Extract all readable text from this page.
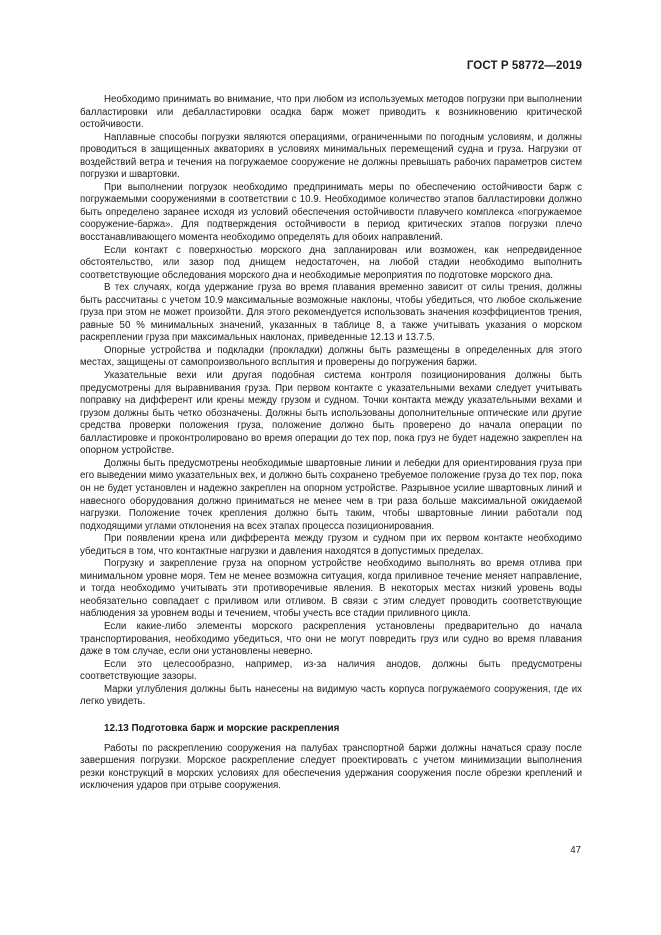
ГОСТ Р 58772—2019

Необходимо принимать во внимание, что при любом из используемых методов погрузки при выполнении балластировки или дебалластировки осадка барж может приводить к возникновению критической остойчивости.

Наплавные способы погрузки являются операциями, ограниченными по погодным условиям, и должны проводиться в защищенных акваториях в условиях минимальных перемещений судна и груза. Нагрузки от воздействий ветра и течения на погружаемое сооружение не должны превышать рабочих параметров систем погрузки и швартовки.

При выполнении погрузок необходимо предпринимать меры по обеспечению остойчивости барж с погружаемыми сооружениями в соответствии с 10.9. Необходимое количество этапов балластировки должно быть определено заранее исходя из условий обеспечения остойчивости плавучего комплекса «погружаемое сооружение-баржа». Для подтверждения остойчивости в период критических этапов погрузки плечо восстанавливающего момента необходимо определять для обоих направлений.

Если контакт с поверхностью морского дна запланирован или возможен, как непредвиденное обстоятельство, или зазор под днищем недостаточен, на любой стадии необходимо выполнить соответствующие обследования морского дна и необходимые мероприятия по подготовке морского дна.

В тех случаях, когда удержание груза во время плавания временно зависит от силы трения, должны быть рассчитаны с учетом 10.9 максимальные возможные наклоны, чтобы убедиться, что любое скольжение груза при этом не может произойти. Для этого рекомендуется использовать значения коэффициентов трения, равные 50 % минимальных значений, указанных в таблице 8, а также учитывать указания о морском раскреплении груза при максимальных наклонах, приведенные 12.13 и 13.7.5.

Опорные устройства и подкладки (прокладки) должны быть размещены в определенных для этого местах, защищены от самопроизвольного всплытия и проверены до погружения баржи.

Указательные вехи или другая подобная система контроля позиционирования должны быть предусмотрены для выравнивания груза. При первом контакте с указательными вехами следует учитывать поправку на дифферент или крены между грузом и судном. Точки контакта между указательными вехами и грузом должны быть четко обозначены. Должны быть использованы дополнительные оптические или другие средства проверки положения груза, положение должно быть проверено до начала операции по балластировке и проконтролировано во время операции до тех пор, пока груз не будет надежно закреплен на опорном устройстве.

Должны быть предусмотрены необходимые швартовные линии и лебедки для ориентирования груза при его выведении мимо указательных вех, и должно быть сохранено требуемое положение груза до тех пор, пока он не будет установлен и надежно закреплен на опорном устройстве. Разрывное усилие швартовных линий и навесного оборудования должно приниматься не менее чем в три раза больше максимальной ожидаемой нагрузки. Положение точек крепления должно быть таким, чтобы швартовные линии работали под подходящими углами отклонения на всех этапах процесса позиционирования.

При появлении крена или дифферента между грузом и судном при их первом контакте необходимо убедиться в том, что контактные нагрузки и давления находятся в допустимых пределах.

Погрузку и закрепление груза на опорном устройстве необходимо выполнять во время отлива при минимальном уровне моря. Тем не менее возможна ситуация, когда приливное течение меняет направление, и тогда необходимо учитывать эти противоречивые явления. В некоторых местах низкий уровень воды необязательно совпадает с приливом или отливом. В связи с этим следует проводить соответствующие наблюдения за уровнем воды и течением, чтобы учесть все стадии приливного цикла.

Если какие-либо элементы морского раскрепления установлены предварительно до начала транспортирования, необходимо убедиться, что они не могут повредить груз или судно во время плавания даже в том случае, если они установлены неверно.

Если это целесообразно, например, из-за наличия анодов, должны быть предусмотрены соответствующие зазоры.

Марки углубления должны быть нанесены на видимую часть корпуса погружаемого сооружения, где их легко увидеть.

12.13 Подготовка барж и морские раскрепления

Работы по раскреплению сооружения на палубах транспортной баржи должны начаться сразу после завершения погрузки. Морское раскрепление следует проектировать с учетом минимизации выполнения резки конструкций в морских условиях для обеспечения удержания сооружения после обрезки креплений и исключения ударов при отрыве сооружения.

47
